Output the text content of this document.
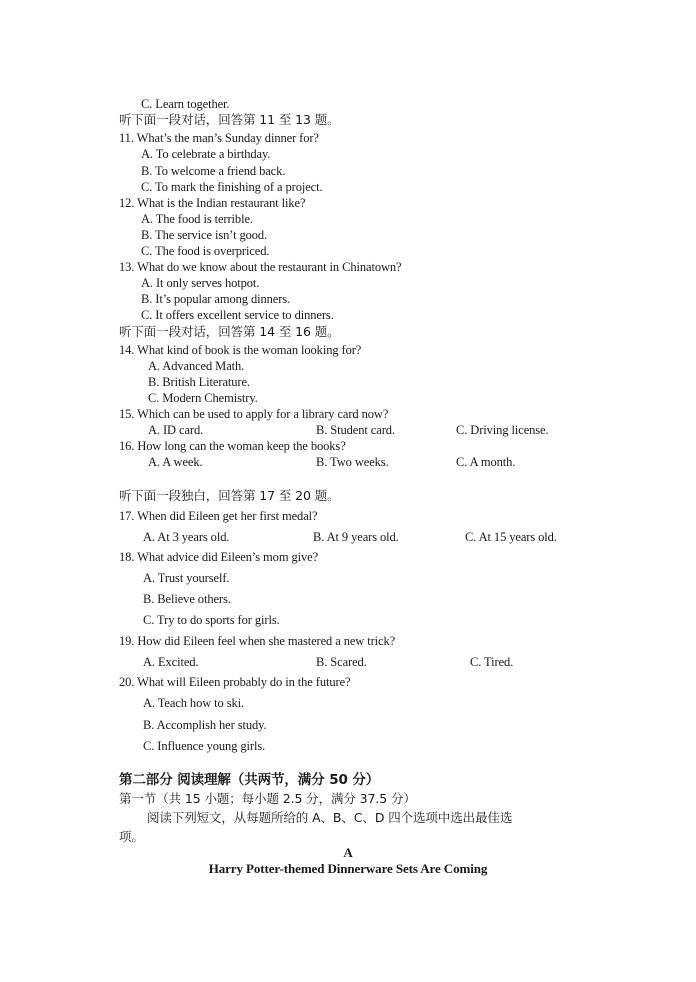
C. Learn together.
听下面一段对话，回答第 11 至 13 题。
11. What’s the man’s Sunday dinner for?
A. To celebrate a birthday.
B. To welcome a friend back.
C. To mark the finishing of a project.
12. What is the Indian restaurant like?
A. The food is terrible.
B. The service isn’t good.
C. The food is overpriced.
13. What do we know about the restaurant in Chinatown?
A. It only serves hotpot.
B. It’s popular among dinners.
C. It offers excellent service to dinners.
听下面一段对话，回答第 14 至 16 题。
14. What kind of book is the woman looking for?
A. Advanced Math.
B. British Literature.
C. Modern Chemistry.
15. Which can be used to apply for a library card now?
A. ID card.	B. Student card.	C. Driving license.
16. How long can the woman keep the books?
A. A week.	B. Two weeks.	C. A month.
听下面一段独白，回答第 17 至 20 题。
17. When did Eileen get her first medal?
A. At 3 years old.	B. At 9 years old.	C. At 15 years old.
18. What advice did Eileen’s mom give?
A. Trust yourself.
B. Believe others.
C. Try to do sports for girls.
19. How did Eileen feel when she mastered a new trick?
A. Excited.	B. Scared.	C. Tired.
20. What will Eileen probably do in the future?
A. Teach how to ski.
B. Accomplish her study.
C. Influence young girls.
第二部分 阅读理解（共两节，满分 50 分）
第一节（共 15 小题；每小题 2.5 分，满分 37.5 分）
阅读下列短文，从每题所给的 A、B、C、D 四个选项中选出最佳选
项。
A
Harry Potter-themed Dinnerware Sets Are Coming
